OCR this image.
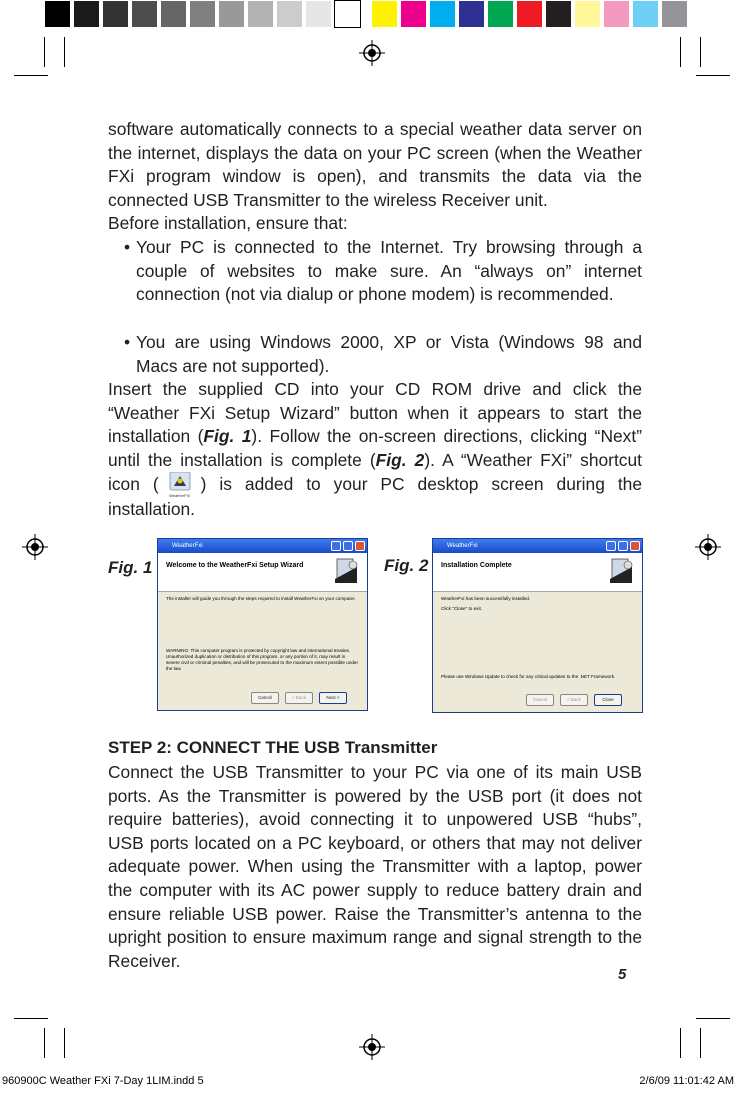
software automatically connects to a special weather data server on the internet, displays the data on your PC screen (when the Weather FXi program window is open), and transmits the data via the connected USB Transmitter to the wireless Receiver unit.
Before installation, ensure that:
• Your PC is connected to the Internet. Try browsing through a couple of websites to make sure. An “always on” internet connection (not via dialup or phone modem) is recommended.
• You are using Windows 2000, XP or Vista (Windows 98 and Macs are not supported).
Insert the supplied CD into your CD ROM drive and click the “Weather FXi Setup Wizard” button when it appears to start the installation (Fig. 1). Follow the on-screen directions, clicking “Next” until the installation is complete (Fig. 2). A “Weather FXi” shortcut icon (
WeatherFXi
) is added to your PC desktop screen during the installation.
Fig. 1
WeatherFxi
Welcome to the WeatherFxi Setup Wizard
The installer will guide you through the steps required to install WeatherFxi on your computer.
WARNING: This computer program is protected by copyright law and international treaties. Unauthorized duplication or distribution of this program, or any portion of it, may result in severe civil or criminal penalties, and will be prosecuted to the maximum extent possible under the law.
Cancel	< Back	Next >
Fig. 2
WeatherFxi
Installation Complete
WeatherFxi has been successfully installed.
Click "Close" to exit.
Please use Windows Update to check for any critical updates to the .NET Framework.
Cancel	< Back	Close
STEP 2: CONNECT THE USB Transmitter
Connect the USB Transmitter to your PC via one of its main USB ports. As the Transmitter is powered by the USB port (it does not require batteries), avoid connecting it to unpowered USB “hubs”, USB ports located on a PC keyboard, or others that may not deliver adequate power. When using the Transmitter with a laptop, power the computer with its AC power supply to reduce battery drain and ensure reliable USB power. Raise the Transmitter’s antenna to the upright position to ensure maximum range and signal strength to the Receiver.
5
960900C Weather FXi 7-Day 1LIM.indd 5	2/6/09 11:01:42 AM
